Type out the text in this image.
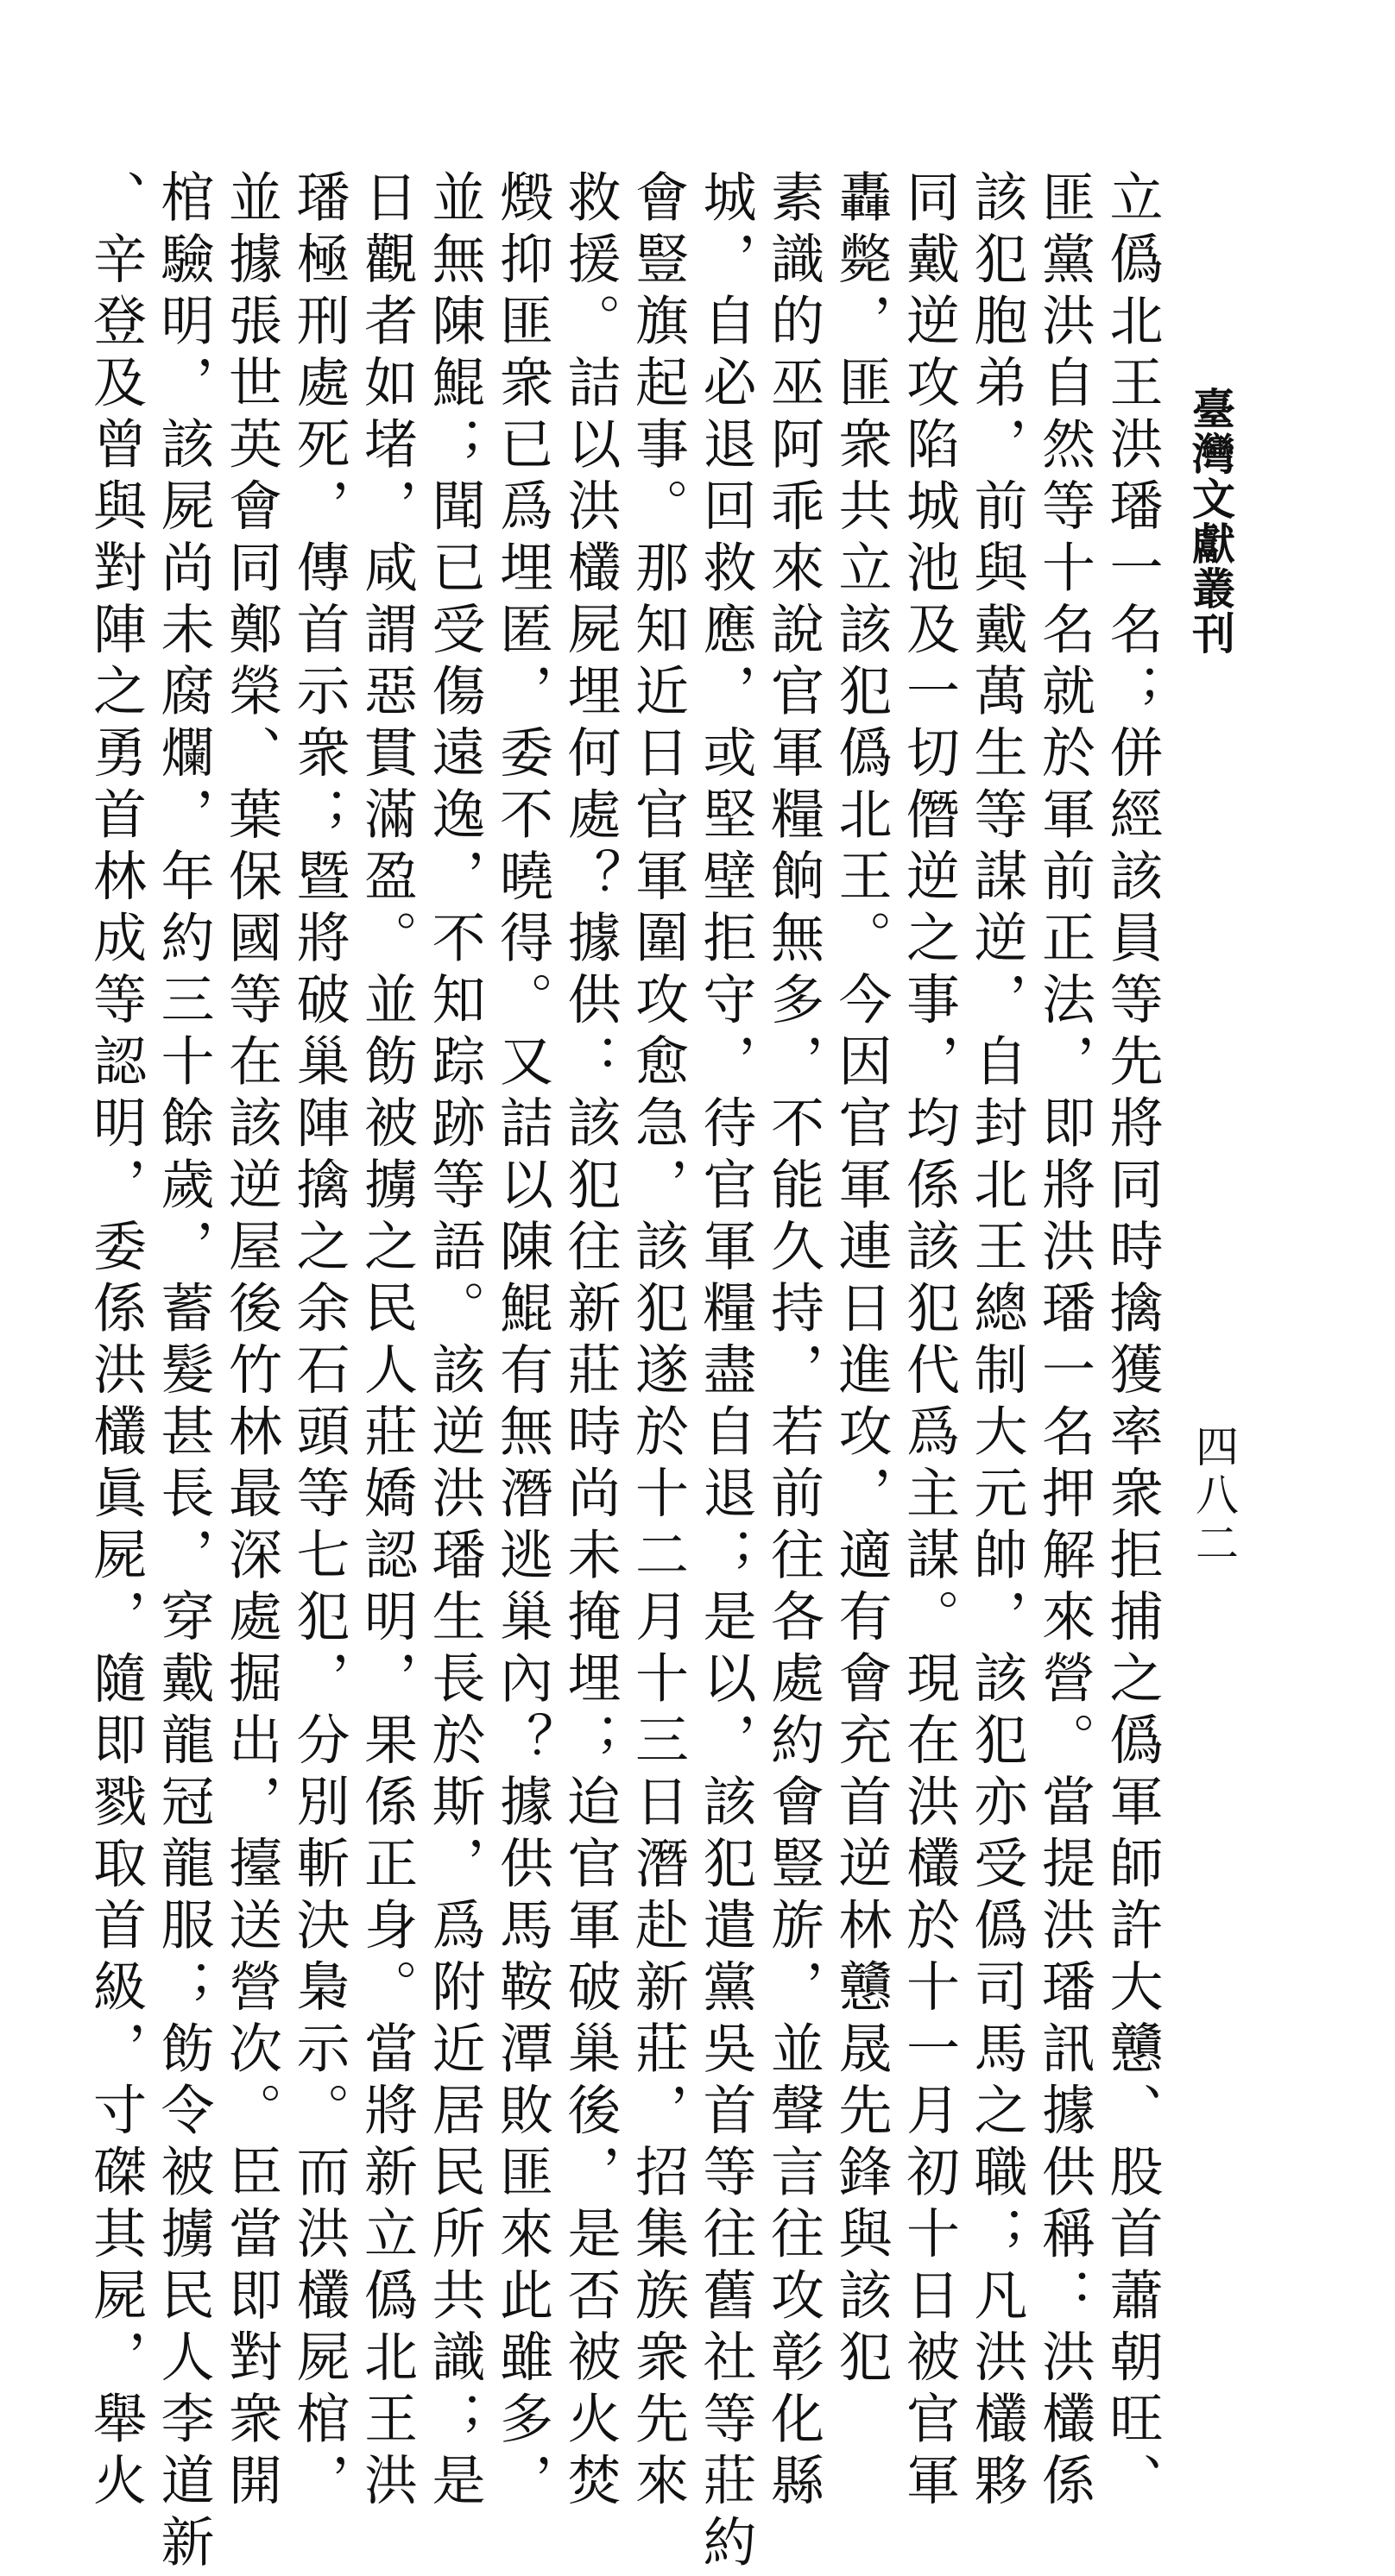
臺灣文獻叢刊
四八二
立僞北王洪璠一名；併經該員等先將同時擒獲率衆拒捕之僞軍師許大戇、股首蕭朝旺、
匪黨洪自然等十名就於軍前正法，即將洪璠一名押解來營。當提洪璠訊據供稱：洪欉係
該犯胞弟，前與戴萬生等謀逆，自封北王總制大元帥，該犯亦受僞司馬之職；凡洪欉夥
同戴逆攻陷城池及一切僭逆之事，均係該犯代爲主謀。現在洪欉於十一月初十日被官軍
轟斃，匪衆共立該犯僞北王。今因官軍連日進攻，適有會充首逆林戇晟先鋒與該犯
素識的巫阿乖來說官軍糧餉無多，不能久持，若前往各處約會豎旂，並聲言往攻彰化縣
城，自必退回救應，或堅壁拒守，待官軍糧盡自退；是以，該犯遣黨吳首等往舊社等莊約
會豎旗起事。那知近日官軍圍攻愈急，該犯遂於十二月十三日潛赴新莊，招集族衆先來
救援。詰以洪欉屍埋何處？據供：該犯往新莊時尚未掩埋；迨官軍破巢後，是否被火焚
燬抑匪衆已爲埋匿，委不曉得。又詰以陳鯤有無潛逃巢內？據供馬鞍潭敗匪來此雖多，
並無陳鯤；聞已受傷遠逸，不知踪跡等語。該逆洪璠生長於斯，爲附近居民所共識；是
日觀者如堵，咸謂惡貫滿盈。並飭被擄之民人莊嬌認明，果係正身。當將新立僞北王洪
璠極刑處死，傳首示衆；暨將破巢陣擒之余石頭等七犯，分別斬決梟示。而洪欉屍棺，
並據張世英會同鄭榮、葉保國等在該逆屋後竹林最深處掘出，擡送營次。臣當即對衆開
棺驗明，該屍尚未腐爛，年約三十餘歲，蓄髮甚長，穿戴龍冠龍服；飭令被擄民人李道新
、辛登及曾與對陣之勇首林成等認明，委係洪欉眞屍，隨即戮取首級，寸磔其屍，舉火
